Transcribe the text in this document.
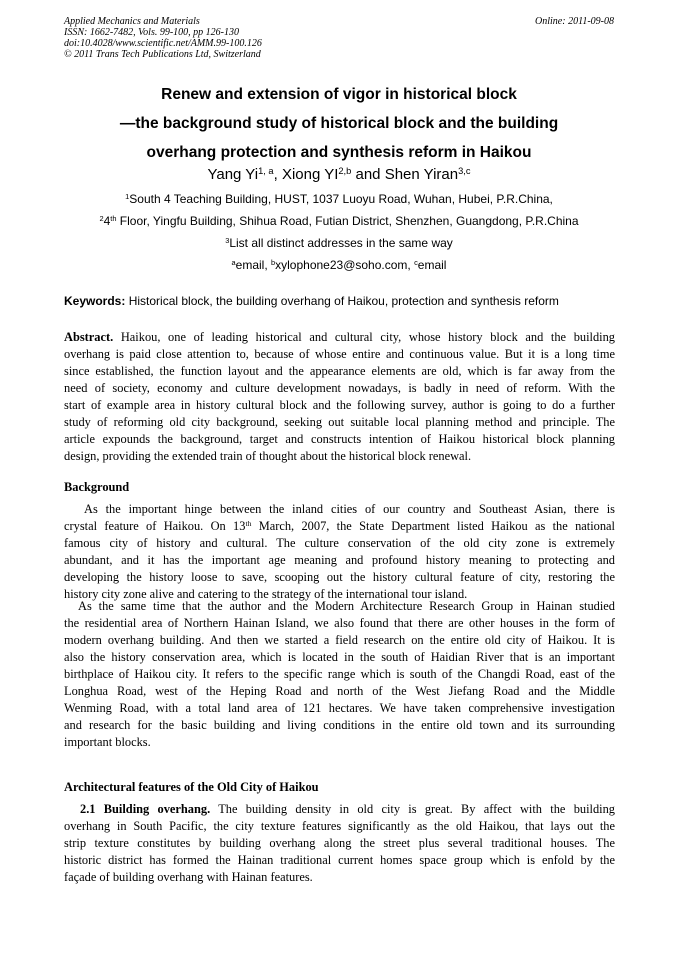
Applied Mechanics and Materials
ISSN: 1662-7482, Vols. 99-100, pp 126-130
doi:10.4028/www.scientific.net/AMM.99-100.126
© 2011 Trans Tech Publications Ltd, Switzerland
Online: 2011-09-08
Renew and extension of vigor in historical block
—the background study of historical block and the building
overhang protection and synthesis reform in Haikou
Yang Yi$^{1, a}$, Xiong YI$^{2,b}$ and Shen Yiran$^{3,c}$
$^1$South 4 Teaching Building, HUST, 1037 Luoyu Road, Wuhan, Hubei, P.R.China,
$^2$4th Floor, Yingfu Building, Shihua Road, Futian District, Shenzhen, Guangdong, P.R.China
$^3$List all distinct addresses in the same way
$^a$email, $^b$xylophone23@soho.com, $^c$email
Keywords: Historical block, the building overhang of Haikou, protection and synthesis reform
Abstract. Haikou, one of leading historical and cultural city, whose history block and the building
overhang is paid close attention to, because of whose entire and continuous value. But it is a long time
since established, the function layout and the appearance elements are old, which is far away from the
need of society, economy and culture development nowadays, is badly in need of reform. With the
start of example area in history cultural block and the following survey, author is going to do a further
study of reforming old city background, seeking out suitable local planning method and principle. The
article expounds the background, target and constructs intention of Haikou historical block planning
design, providing the extended train of thought about the historical block renewal.
Background
As the important hinge between the inland cities of our country and Southeast Asian, there is
crystal feature of Haikou. On 13th March, 2007, the State Department listed Haikou as the national
famous city of history and cultural. The culture conservation of the old city zone is extremely
abundant, and it has the important age meaning and profound history meaning to protecting and
developing the history loose to save, scooping out the history cultural feature of city, restoring the
history city zone alive and catering to the strategy of the international tour island.
As the same time that the author and the Modern Architecture Research Group in Hainan studied
the residential area of Northern Hainan Island, we also found that there are other houses in the form of
modern overhang building. And then we started a field research on the entire old city of Haikou. It is
also the history conservation area, which is located in the south of Haidian River that is an important
birthplace of Haikou city. It refers to the specific range which is south of the Changdi Road, east of the
Longhua Road, west of the Heping Road and north of the West Jiefang Road and the Middle
Wenming Road, with a total land area of 121 hectares. We have taken comprehensive investigation
and research for the basic building and living conditions in the entire old town and its surrounding
important blocks.
Architectural features of the Old City of Haikou
2.1 Building overhang. The building density in old city is great. By affect with the building
overhang in South Pacific, the city texture features significantly as the old Haikou, that lays out the
strip texture constitutes by building overhang along the street plus several traditional houses. The
historic district has formed the Hainan traditional current homes space group which is enfold by the
façade of building overhang with Hainan features.
